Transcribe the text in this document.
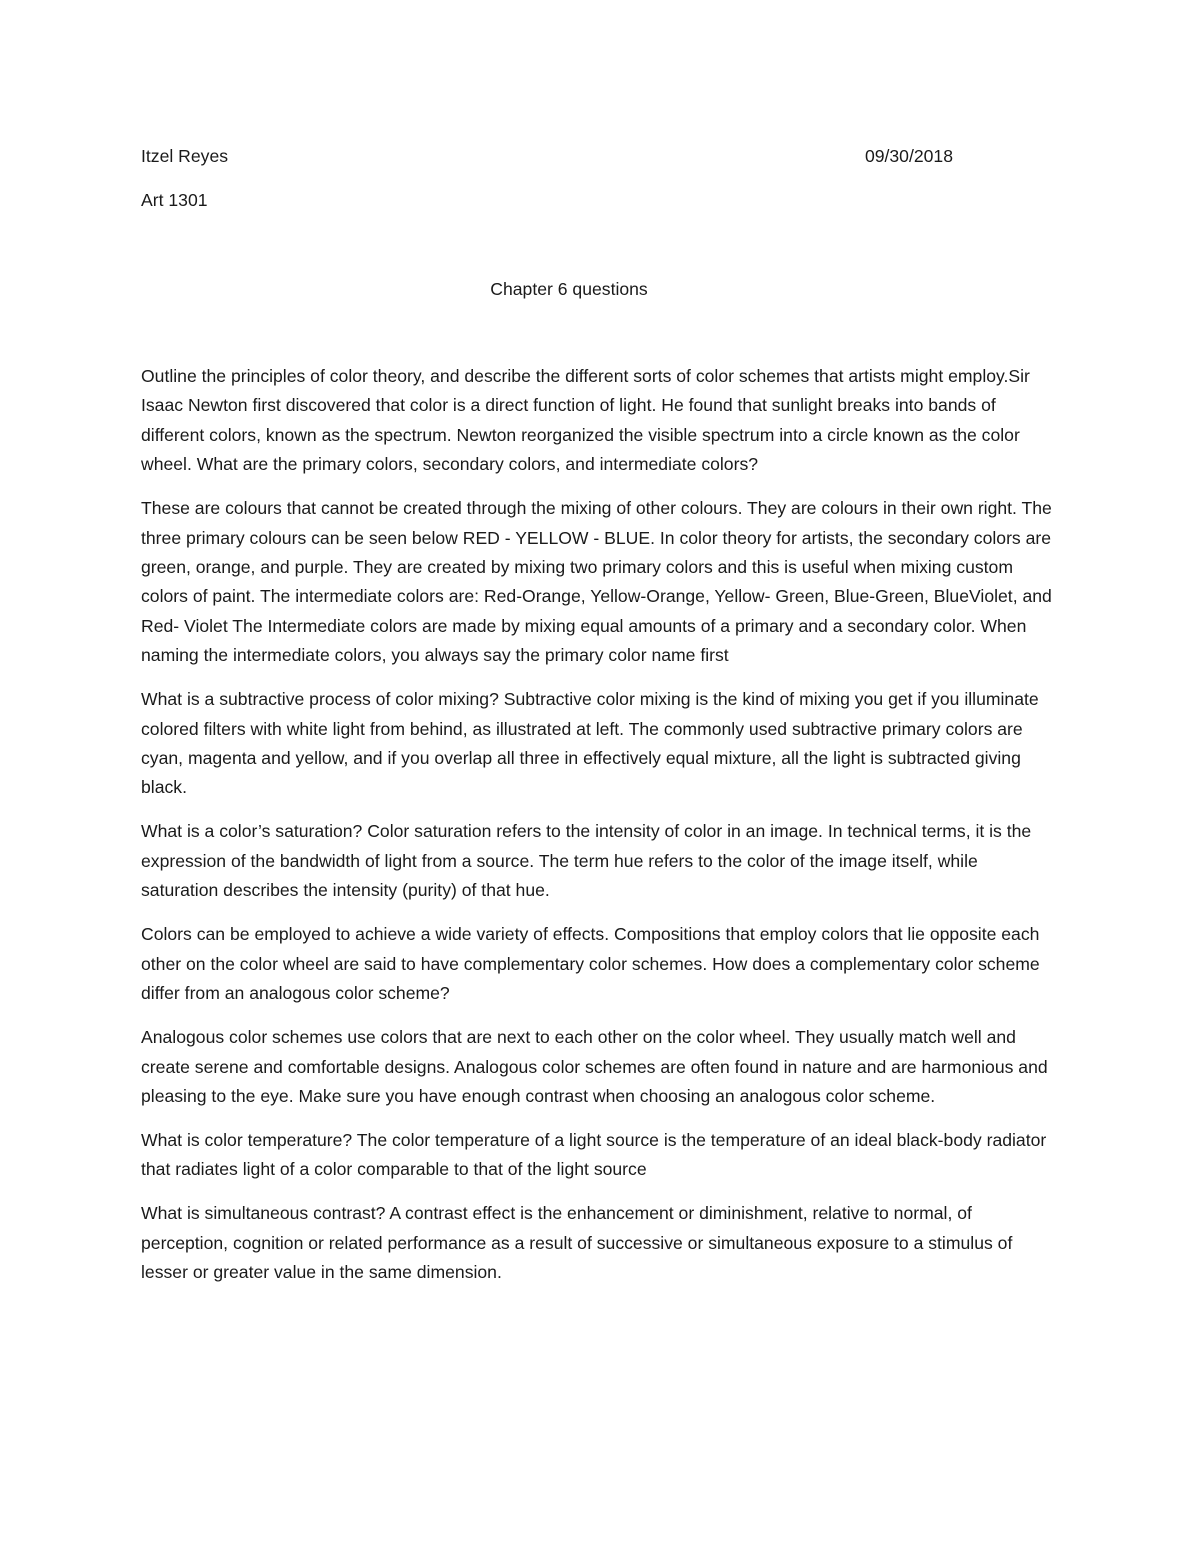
Itzel Reyes	09/30/2018
Art 1301
Chapter 6 questions

Outline the principles of color theory, and describe the different sorts of color schemes that artists might employ.Sir Isaac Newton first discovered that color is a direct function of light. He found that sunlight breaks into bands of different colors, known as the spectrum. Newton reorganized the visible spectrum into a circle known as the color wheel. What are the primary colors, secondary colors, and intermediate colors?

These are colours that cannot be created through the mixing of other colours. They are colours in their own right. The three primary colours can be seen below RED - YELLOW - BLUE. In color theory for artists, the secondary colors are green, orange, and purple. They are created by mixing two primary colors and this is useful when mixing custom colors of paint. The intermediate colors are: Red-Orange, Yellow-Orange, Yellow- Green, Blue-Green, BlueViolet, and Red- Violet The Intermediate colors are made by mixing equal amounts of a primary and a secondary color. When naming the intermediate colors, you always say the primary color name first

What is a subtractive process of color mixing? Subtractive color mixing is the kind of mixing you get if you illuminate colored filters with white light from behind, as illustrated at left. The commonly used subtractive primary colors are cyan, magenta and yellow, and if you overlap all three in effectively equal mixture, all the light is subtracted giving black.

What is a color’s saturation? Color saturation refers to the intensity of color in an image. In technical terms, it is the expression of the bandwidth of light from a source. The term hue refers to the color of the image itself, while saturation describes the intensity (purity) of that hue.

Colors can be employed to achieve a wide variety of effects. Compositions that employ colors that lie opposite each other on the color wheel are said to have complementary color schemes. How does a complementary color scheme differ from an analogous color scheme?

Analogous color schemes use colors that are next to each other on the color wheel. They usually match well and create serene and comfortable designs. Analogous color schemes are often found in nature and are harmonious and pleasing to the eye. Make sure you have enough contrast when choosing an analogous color scheme.

What is color temperature? The color temperature of a light source is the temperature of an ideal black-body radiator that radiates light of a color comparable to that of the light source

What is simultaneous contrast? A contrast effect is the enhancement or diminishment, relative to normal, of perception, cognition or related performance as a result of successive or simultaneous exposure to a stimulus of lesser or greater value in the same dimension.
